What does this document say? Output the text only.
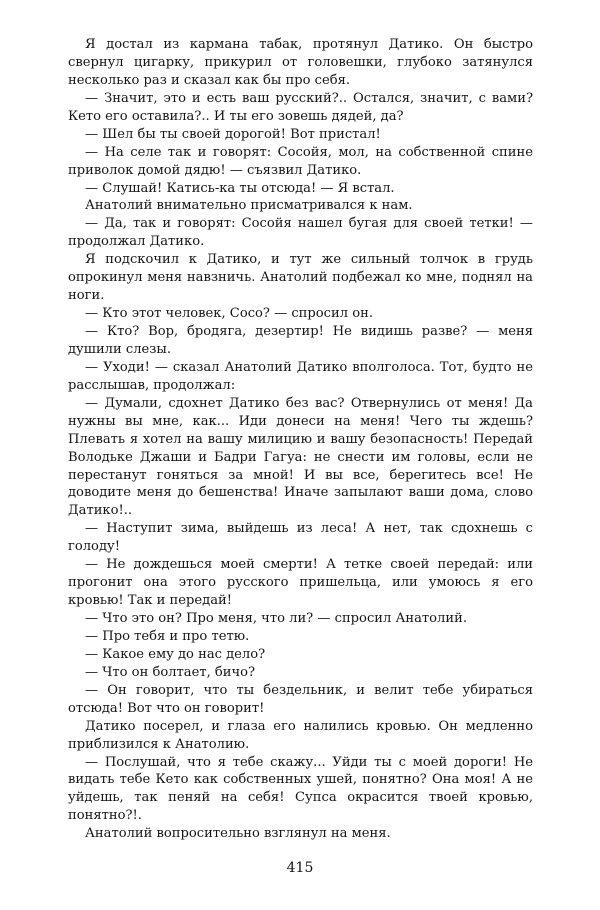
Я достал из кармана табак, протянул Датико. Он быстро свернул цигарку, прикурил от головешки, глубоко затянулся несколько раз и сказал как бы про себя.

— Значит, это и есть ваш русский?.. Остался, значит, с вами? Кето его оставила?.. И ты его зовешь дядей, да?

— Шел бы ты своей дорогой! Вот пристал!

— На селе так и говорят: Сосойя, мол, на собственной спине приволок домой дядю! — съязвил Датико.

— Слушай! Катись-ка ты отсюда! — Я встал.

Анатолий внимательно присматривался к нам.

— Да, так и говорят: Сосойя нашел бугая для своей тетки! — продолжал Датико.

Я подскочил к Датико, и тут же сильный толчок в грудь опрокинул меня навзничь. Анатолий подбежал ко мне, поднял на ноги.

— Кто этот человек, Сосо? — спросил он.

— Кто? Вор, бродяга, дезертир! Не видишь разве? — меня душили слезы.

— Уходи! — сказал Анатолий Датико вполголоса. Тот, будто не расслышав, продолжал:

— Думали, сдохнет Датико без вас? Отвернулись от меня! Да нужны вы мне, как... Иди донеси на меня! Чего ты ждешь? Плевать я хотел на вашу милицию и вашу безопасность! Передай Володьке Джаши и Бадри Гагуа: не снести им головы, если не перестанут гоняться за мной! И вы все, берегитесь все! Не доводите меня до бешенства! Иначе запылают ваши дома, слово Датико!..

— Наступит зима, выйдешь из леса! А нет, так сдохнешь с голоду!

— Не дождешься моей смерти! А тетке своей передай: или прогонит она этого русского пришельца, или умоюсь я его кровью! Так и передай!

— Что это он? Про меня, что ли? — спросил Анатолий.

— Про тебя и про тетю.

— Какое ему до нас дело?

— Что он болтает, бичо?

— Он говорит, что ты бездельник, и велит тебе убираться отсюда! Вот что он говорит!

Датико посерел, и глаза его налились кровью. Он медленно приблизился к Анатолию.

— Послушай, что я тебе скажу... Уйди ты с моей дороги! Не видать тебе Кето как собственных ушей, понятно? Она моя! А не уйдешь, так пеняй на себя! Супса окрасится твоей кровью, понятно?!.

Анатолий вопросительно взглянул на меня.

415
